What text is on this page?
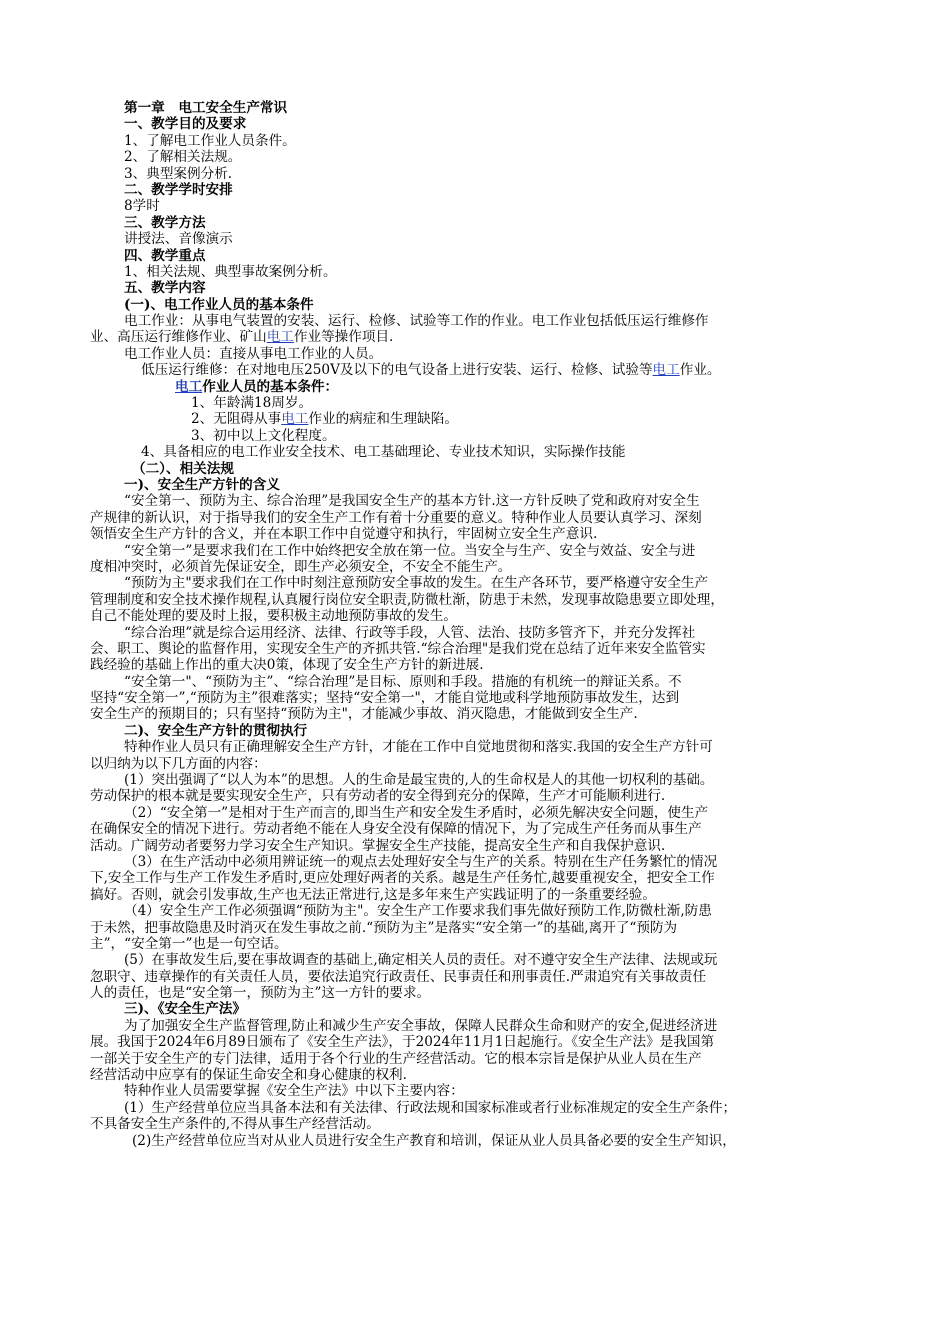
第一章　电工安全生产常识
一、教学目的及要求
1、了解电工作业人员条件。
2、了解相关法规。
3、典型案例分析.
二、教学学时安排
8学时
三、教学方法
讲授法、音像演示
四、教学重点
1、相关法规、典型事故案例分析。
五、教学内容
(一)、电工作业人员的基本条件
电工作业：从事电气装置的安装、运行、检修、试验等工作的作业。电工作业包括低压运行维修作
业、高压运行维修作业、矿山电工作业等操作项目.
电工作业人员：直接从事电工作业的人员。
低压运行维修：在对地电压250V及以下的电气设备上进行安装、运行、检修、试验等电工作业。
电工作业人员的基本条件：
1、年龄满18周岁。
2、无阻碍从事电工作业的病症和生理缺陷。
3、初中以上文化程度。
4、具备相应的电工作业安全技术、电工基础理论、专业技术知识，实际操作技能
（二）、相关法规
一)、安全生产方针的含义
“安全第一、预防为主、综合治理”是我国安全生产的基本方针.这一方针反映了党和政府对安全生
产规律的新认识，对于指导我们的安全生产工作有着十分重要的意义。特种作业人员要认真学习、深刻
领悟安全生产方针的含义，并在本职工作中自觉遵守和执行，牢固树立安全生产意识.
“安全第一”是要求我们在工作中始终把安全放在第一位。当安全与生产、安全与效益、安全与进
度相冲突时，必须首先保证安全，即生产必须安全，不安全不能生产。
“预防为主"要求我们在工作中时刻注意预防安全事故的发生。在生产各环节，要严格遵守安全生产
管理制度和安全技术操作规程,认真履行岗位安全职责,防微杜渐，防患于未然，发现事故隐患要立即处理，
自己不能处理的要及时上报，要积极主动地预防事故的发生。
“综合治理”就是综合运用经济、法律、行政等手段，人管、法治、技防多管齐下，并充分发挥社
会、职工、舆论的监督作用，实现安全生产的齐抓共管.“综合治理"是我们党在总结了近年来安全监管实
践经验的基础上作出的重大决0策，体现了安全生产方针的新进展.
“安全第一"、“预防为主”、“综合治理”是目标、原则和手段。措施的有机统一的辩证关系。不
坚持“安全第一”,“预防为主”很难落实；坚持“安全第一"，才能自觉地或科学地预防事故发生，达到
安全生产的预期目的；只有坚持“预防为主"，才能减少事故、消灭隐患，才能做到安全生产.
二)、安全生产方针的贯彻执行
特种作业人员只有正确理解安全生产方针，才能在工作中自觉地贯彻和落实.我国的安全生产方针可
以归纳为以下几方面的内容：
(1）突出强调了“以人为本”的思想。人的生命是最宝贵的,人的生命权是人的其他一切权利的基础。
劳动保护的根本就是要实现安全生产，只有劳动者的安全得到充分的保障，生产才可能顺利进行.
（2）“安全第一”是相对于生产而言的,即当生产和安全发生矛盾时，必须先解决安全问题，使生产
在确保安全的情况下进行。劳动者绝不能在人身安全没有保障的情况下，为了完成生产任务而从事生产
活动。广阔劳动者要努力学习安全生产知识。掌握安全生产技能，提高安全生产和自我保护意识.
（3）在生产活动中必须用辨证统一的观点去处理好安全与生产的关系。特别在生产任务繁忙的情况
下,安全工作与生产工作发生矛盾时,更应处理好两者的关系。越是生产任务忙,越要重视安全，把安全工作
搞好。否则，就会引发事故,生产也无法正常进行,这是多年来生产实践证明了的一条重要经验。
（4）安全生产工作必须强调“预防为主"。安全生产工作要求我们事先做好预防工作,防微杜渐,防患
于未然，把事故隐患及时消灭在发生事故之前.“预防为主”是落实“安全第一”的基础,离开了“预防为
主”，“安全第一”也是一句空话。
(5）在事故发生后,要在事故调查的基础上,确定相关人员的责任。对不遵守安全生产法律、法规或玩
忽职守、违章操作的有关责任人员，要依法追究行政责任、民事责任和刑事责任.严肃追究有关事故责任
人的责任，也是“安全第一，预防为主”这一方针的要求。
三)、《安全生产法》
为了加强安全生产监督管理,防止和减少生产安全事故，保障人民群众生命和财产的安全,促进经济进
展。我国于2024年6月89日颁布了《安全生产法》，于2024年11月1日起施行。《安全生产法》是我国第
一部关于安全生产的专门法律，适用于各个行业的生产经营活动。它的根本宗旨是保护从业人员在生产
经营活动中应享有的保证生命安全和身心健康的权利.
特种作业人员需要掌握《安全生产法》中以下主要内容：
(1）生产经营单位应当具备本法和有关法律、行政法规和国家标准或者行业标准规定的安全生产条件；
不具备安全生产条件的,不得从事生产经营活动。
(2)生产经营单位应当对从业人员进行安全生产教育和培训，保证从业人员具备必要的安全生产知识，
